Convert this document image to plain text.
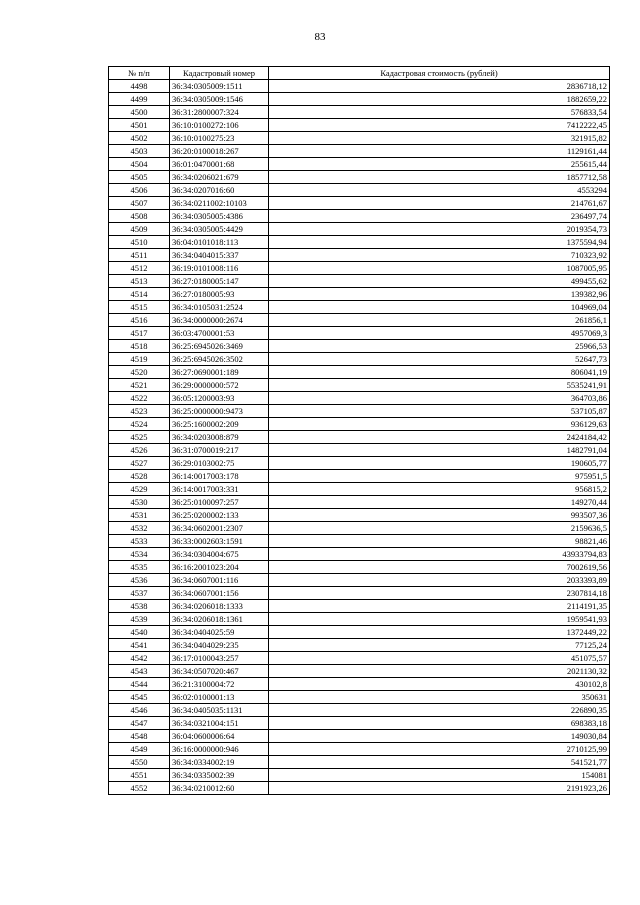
83
№ п/п	Кадастровый номер	Кадастровая стоимость (рублей)
4498	36:34:0305009:1511	2836718,12
4499	36:34:0305009:1546	1882659,22
4500	36:31:2800007:324	576833,54
4501	36:10:0100272:106	7412222,45
4502	36:10:0100275:23	321915,82
4503	36:20:0100018:267	1129161,44
4504	36:01:0470001:68	255615,44
4505	36:34:0206021:679	1857712,58
4506	36:34:0207016:60	4553294
4507	36:34:0211002:10103	214761,67
4508	36:34:0305005:4386	236497,74
4509	36:34:0305005:4429	2019354,73
4510	36:04:0101018:113	1375594,94
4511	36:34:0404015:337	710323,92
4512	36:19:0101008:116	1087005,95
4513	36:27:0180005:147	499455,62
4514	36:27:0180005:93	139382,96
4515	36:34:0105031:2524	104969,04
4516	36:34:0000000:2674	261856,1
4517	36:03:4700001:53	4957069,3
4518	36:25:6945026:3469	25966,53
4519	36:25:6945026:3502	52647,73
4520	36:27:0690001:189	806041,19
4521	36:29:0000000:572	5535241,91
4522	36:05:1200003:93	364703,86
4523	36:25:0000000:9473	537105,87
4524	36:25:1600002:209	936129,63
4525	36:34:0203008:879	2424184,42
4526	36:31:0700019:217	1482791,04
4527	36:29:0103002:75	190605,77
4528	36:14:0017003:178	975951,5
4529	36:14:0017003:331	956815,2
4530	36:25:0100097:257	149270,44
4531	36:25:0200002:133	993507,36
4532	36:34:0602001:2307	2159636,5
4533	36:33:0002603:1591	98821,46
4534	36:34:0304004:675	43933794,83
4535	36:16:2001023:204	7002619,56
4536	36:34:0607001:116	2033393,89
4537	36:34:0607001:156	2307814,18
4538	36:34:0206018:1333	2114191,35
4539	36:34:0206018:1361	1959541,93
4540	36:34:0404025:59	1372449,22
4541	36:34:0404029:235	77125,24
4542	36:17:0100043:257	451075,57
4543	36:34:0507020:467	2021130,32
4544	36:21:3100004:72	430102,8
4545	36:02:0100001:13	350631
4546	36:34:0405035:1131	226890,35
4547	36:34:0321004:151	698383,18
4548	36:04:0600006:64	149030,84
4549	36:16:0000000:946	2710125,99
4550	36:34:0334002:19	541521,77
4551	36:34:0335002:39	154081
4552	36:34:0210012:60	2191923,26
